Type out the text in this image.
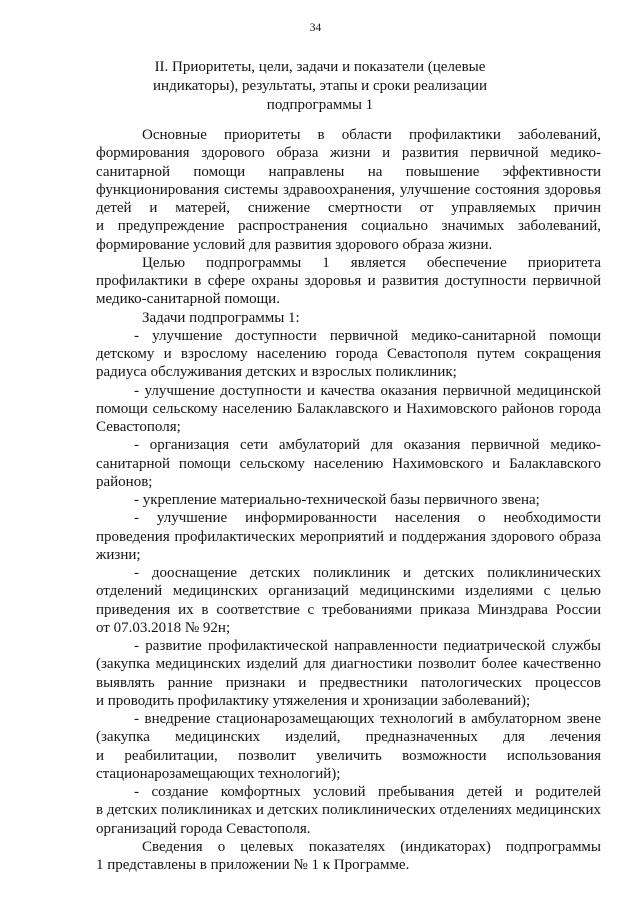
34
II. Приоритеты, цели, задачи и показатели (целевые
индикаторы), результаты, этапы и сроки реализации
подпрограммы 1
Основные приоритеты в области профилактики заболеваний,
формирования здорового образа жизни и развития первичной медико-
санитарной помощи направлены на повышение эффективности
функционирования системы здравоохранения, улучшение состояния здоровья
детей и матерей, снижение смертности от управляемых причин
и предупреждение распространения социально значимых заболеваний,
формирование условий для развития здорового образа жизни.
Целью подпрограммы 1 является обеспечение приоритета
профилактики в сфере охраны здоровья и развития доступности первичной
медико-санитарной помощи.
Задачи подпрограммы 1:
- улучшение доступности первичной медико-санитарной помощи
детскому и взрослому населению города Севастополя путем сокращения
радиуса обслуживания детских и взрослых поликлиник;
- улучшение доступности и качества оказания первичной медицинской
помощи сельскому населению Балаклавского и Нахимовского районов города
Севастополя;
- организация сети амбулаторий для оказания первичной медико-
санитарной помощи сельскому населению Нахимовского и Балаклавского
районов;
- укрепление материально-технической базы первичного звена;
- улучшение информированности населения о необходимости
проведения профилактических мероприятий и поддержания здорового образа
жизни;
- дооснащение детских поликлиник и детских поликлинических
отделений медицинских организаций медицинскими изделиями с целью
приведения их в соответствие с требованиями приказа Минздрава России
от 07.03.2018 № 92н;
- развитие профилактической направленности педиатрической службы
(закупка медицинских изделий для диагностики позволит более качественно
выявлять ранние признаки и предвестники патологических процессов
и проводить профилактику утяжеления и хронизации заболеваний);
- внедрение стационарозамещающих технологий в амбулаторном звене
(закупка медицинских изделий, предназначенных для лечения
и реабилитации, позволит увеличить возможности использования
стационарозамещающих технологий);
- создание комфортных условий пребывания детей и родителей
в детских поликлиниках и детских поликлинических отделениях медицинских
организаций города Севастополя.
Сведения о целевых показателях (индикаторах) подпрограммы
1 представлены в приложении № 1 к Программе.
